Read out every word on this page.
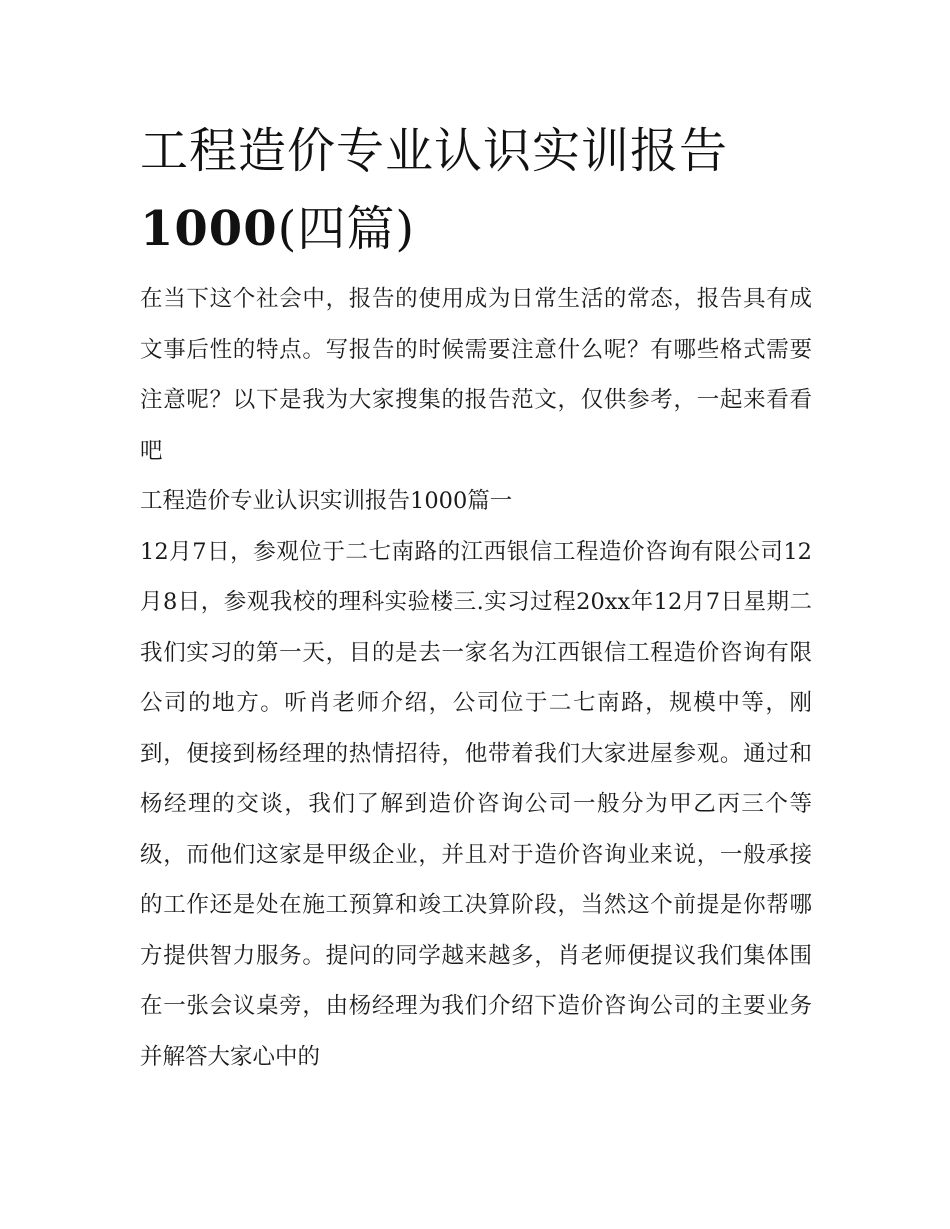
工程造价专业认识实训报告
1000(四篇)

在当下这个社会中，报告的使用成为日常生活的常态，报告具有成文事后性的特点。写报告的时候需要注意什么呢？有哪些格式需要注意呢？以下是我为大家搜集的报告范文，仅供参考，一起来看看吧

工程造价专业认识实训报告1000篇一

12月7日，参观位于二七南路的江西银信工程造价咨询有限公司12月8日，参观我校的理科实验楼三.实习过程20xx年12月7日星期二我们实习的第一天，目的是去一家名为江西银信工程造价咨询有限公司的地方。听肖老师介绍，公司位于二七南路，规模中等，刚到，便接到杨经理的热情招待，他带着我们大家进屋参观。通过和杨经理的交谈，我们了解到造价咨询公司一般分为甲乙丙三个等级，而他们这家是甲级企业，并且对于造价咨询业来说，一般承接的工作还是处在施工预算和竣工决算阶段，当然这个前提是你帮哪方提供智力服务。提问的同学越来越多，肖老师便提议我们集体围在一张会议桌旁，由杨经理为我们介绍下造价咨询公司的主要业务并解答大家心中的
